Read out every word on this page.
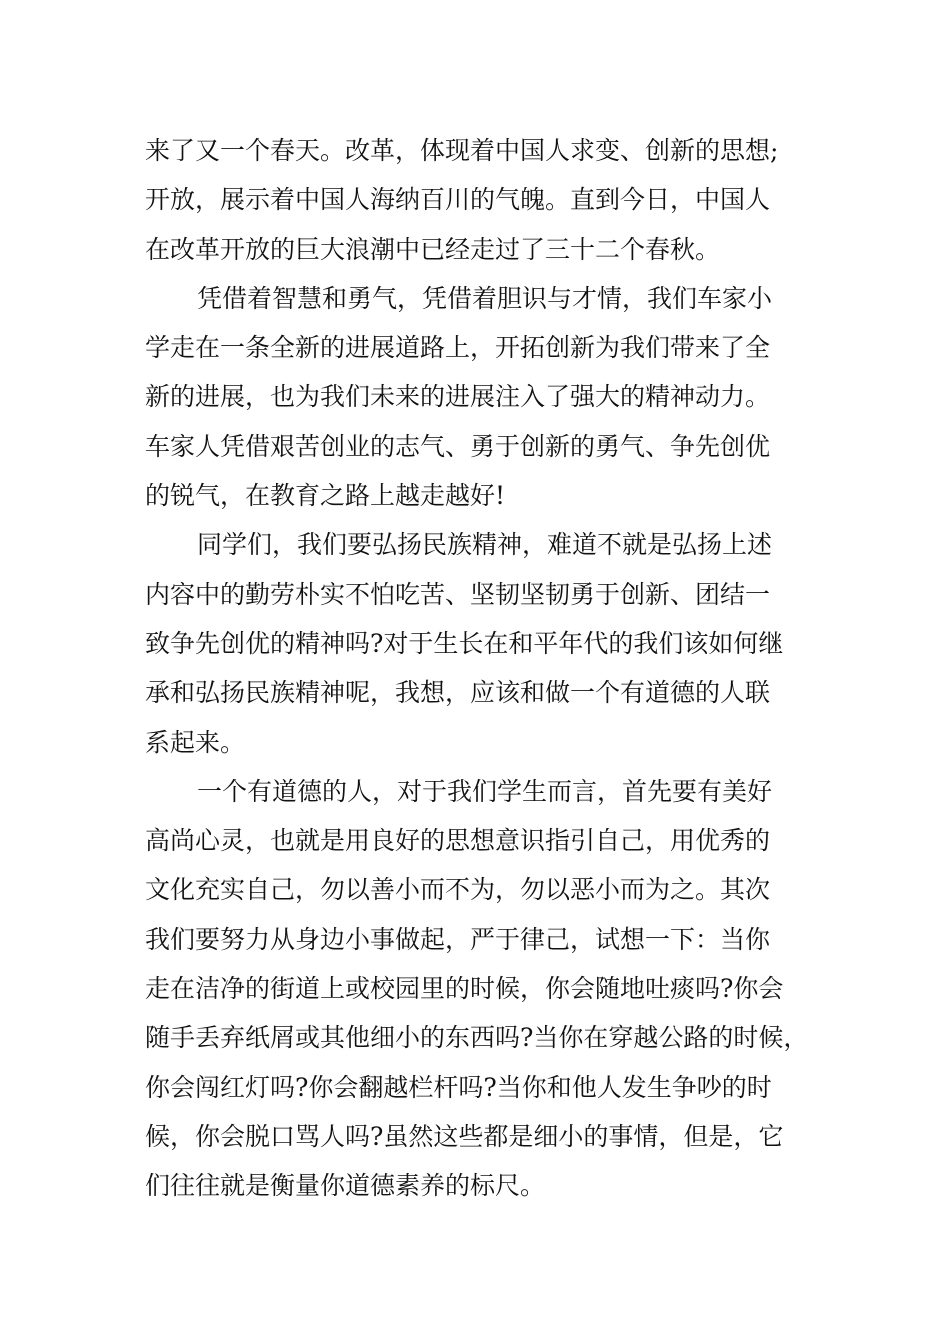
来了又一个春天。改革，体现着中国人求变、创新的思想;
开放，展示着中国人海纳百川的气魄。直到今日，中国人
在改革开放的巨大浪潮中已经走过了三十二个春秋。
凭借着智慧和勇气，凭借着胆识与才情，我们车家小
学走在一条全新的进展道路上，开拓创新为我们带来了全
新的进展，也为我们未来的进展注入了强大的精神动力。
车家人凭借艰苦创业的志气、勇于创新的勇气、争先创优
的锐气，在教育之路上越走越好!
同学们，我们要弘扬民族精神，难道不就是弘扬上述
内容中的勤劳朴实不怕吃苦、坚韧坚韧勇于创新、团结一
致争先创优的精神吗?对于生长在和平年代的我们该如何继
承和弘扬民族精神呢，我想，应该和做一个有道德的人联
系起来。
一个有道德的人，对于我们学生而言，首先要有美好
高尚心灵，也就是用良好的思想意识指引自己，用优秀的
文化充实自己，勿以善小而不为，勿以恶小而为之。其次
我们要努力从身边小事做起，严于律己，试想一下：当你
走在洁净的街道上或校园里的时候，你会随地吐痰吗?你会
随手丢弃纸屑或其他细小的东西吗?当你在穿越公路的时候，
你会闯红灯吗?你会翻越栏杆吗?当你和他人发生争吵的时
候，你会脱口骂人吗?虽然这些都是细小的事情，但是，它
们往往就是衡量你道德素养的标尺。
